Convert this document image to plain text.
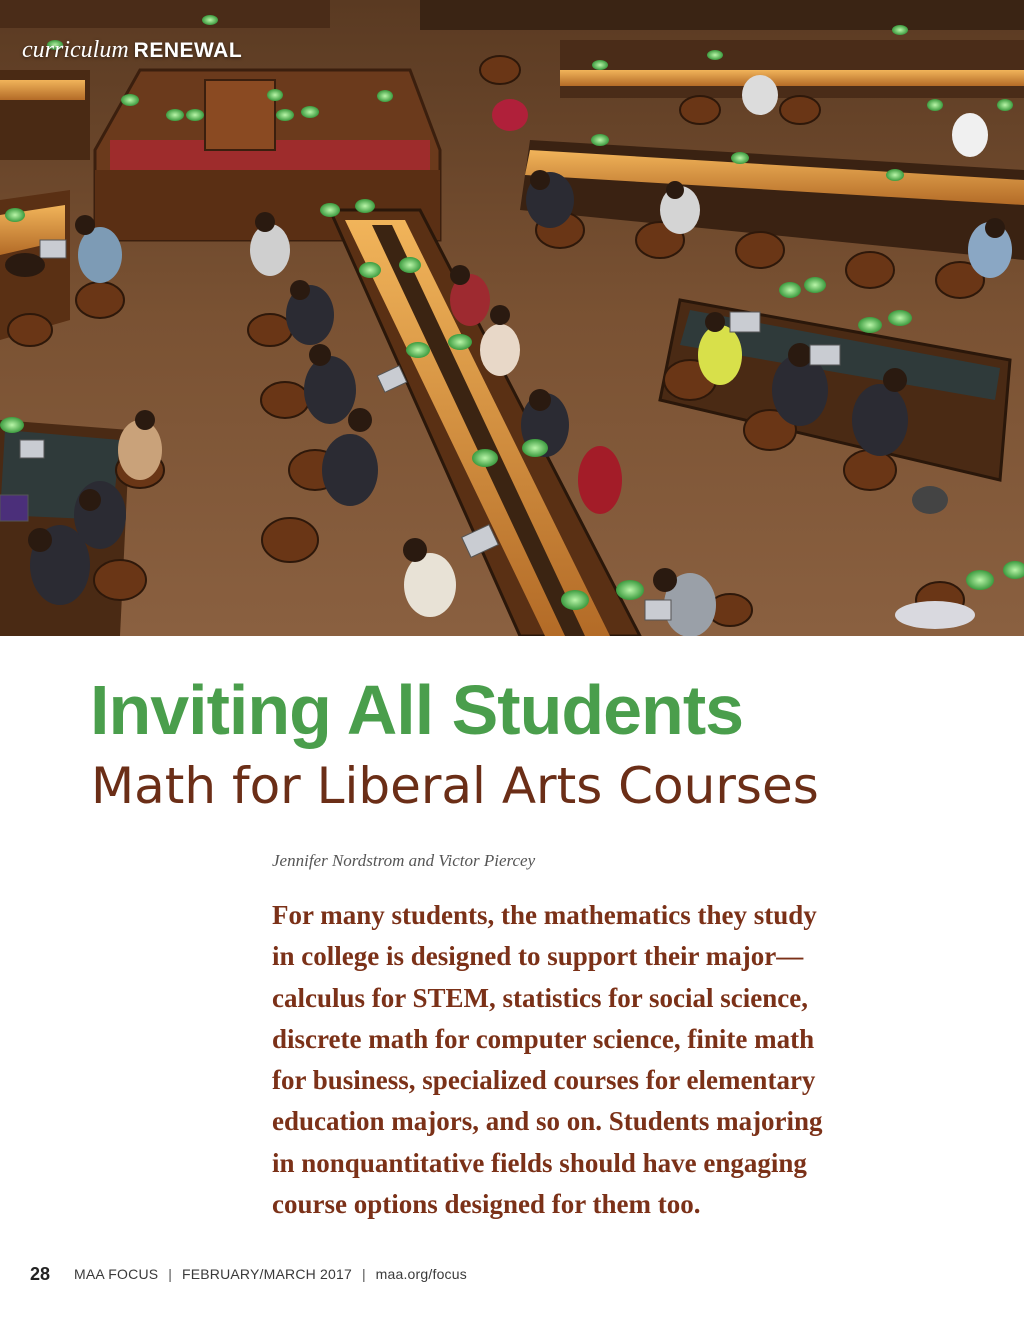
curriculum RENEWAL
Inviting All Students
Math for Liberal Arts Courses
Jennifer Nordstrom and Victor Piercey

For many students, the mathematics they study
in college is designed to support their major—
calculus for STEM, statistics for social science,
discrete math for computer science, finite math
for business, specialized courses for elementary
education majors, and so on. Students majoring
in nonquantitative fields should have engaging
course options designed for them too.

28 MAA FOCUS | FEBRUARY/MARCH 2017 | maa.org/focus
